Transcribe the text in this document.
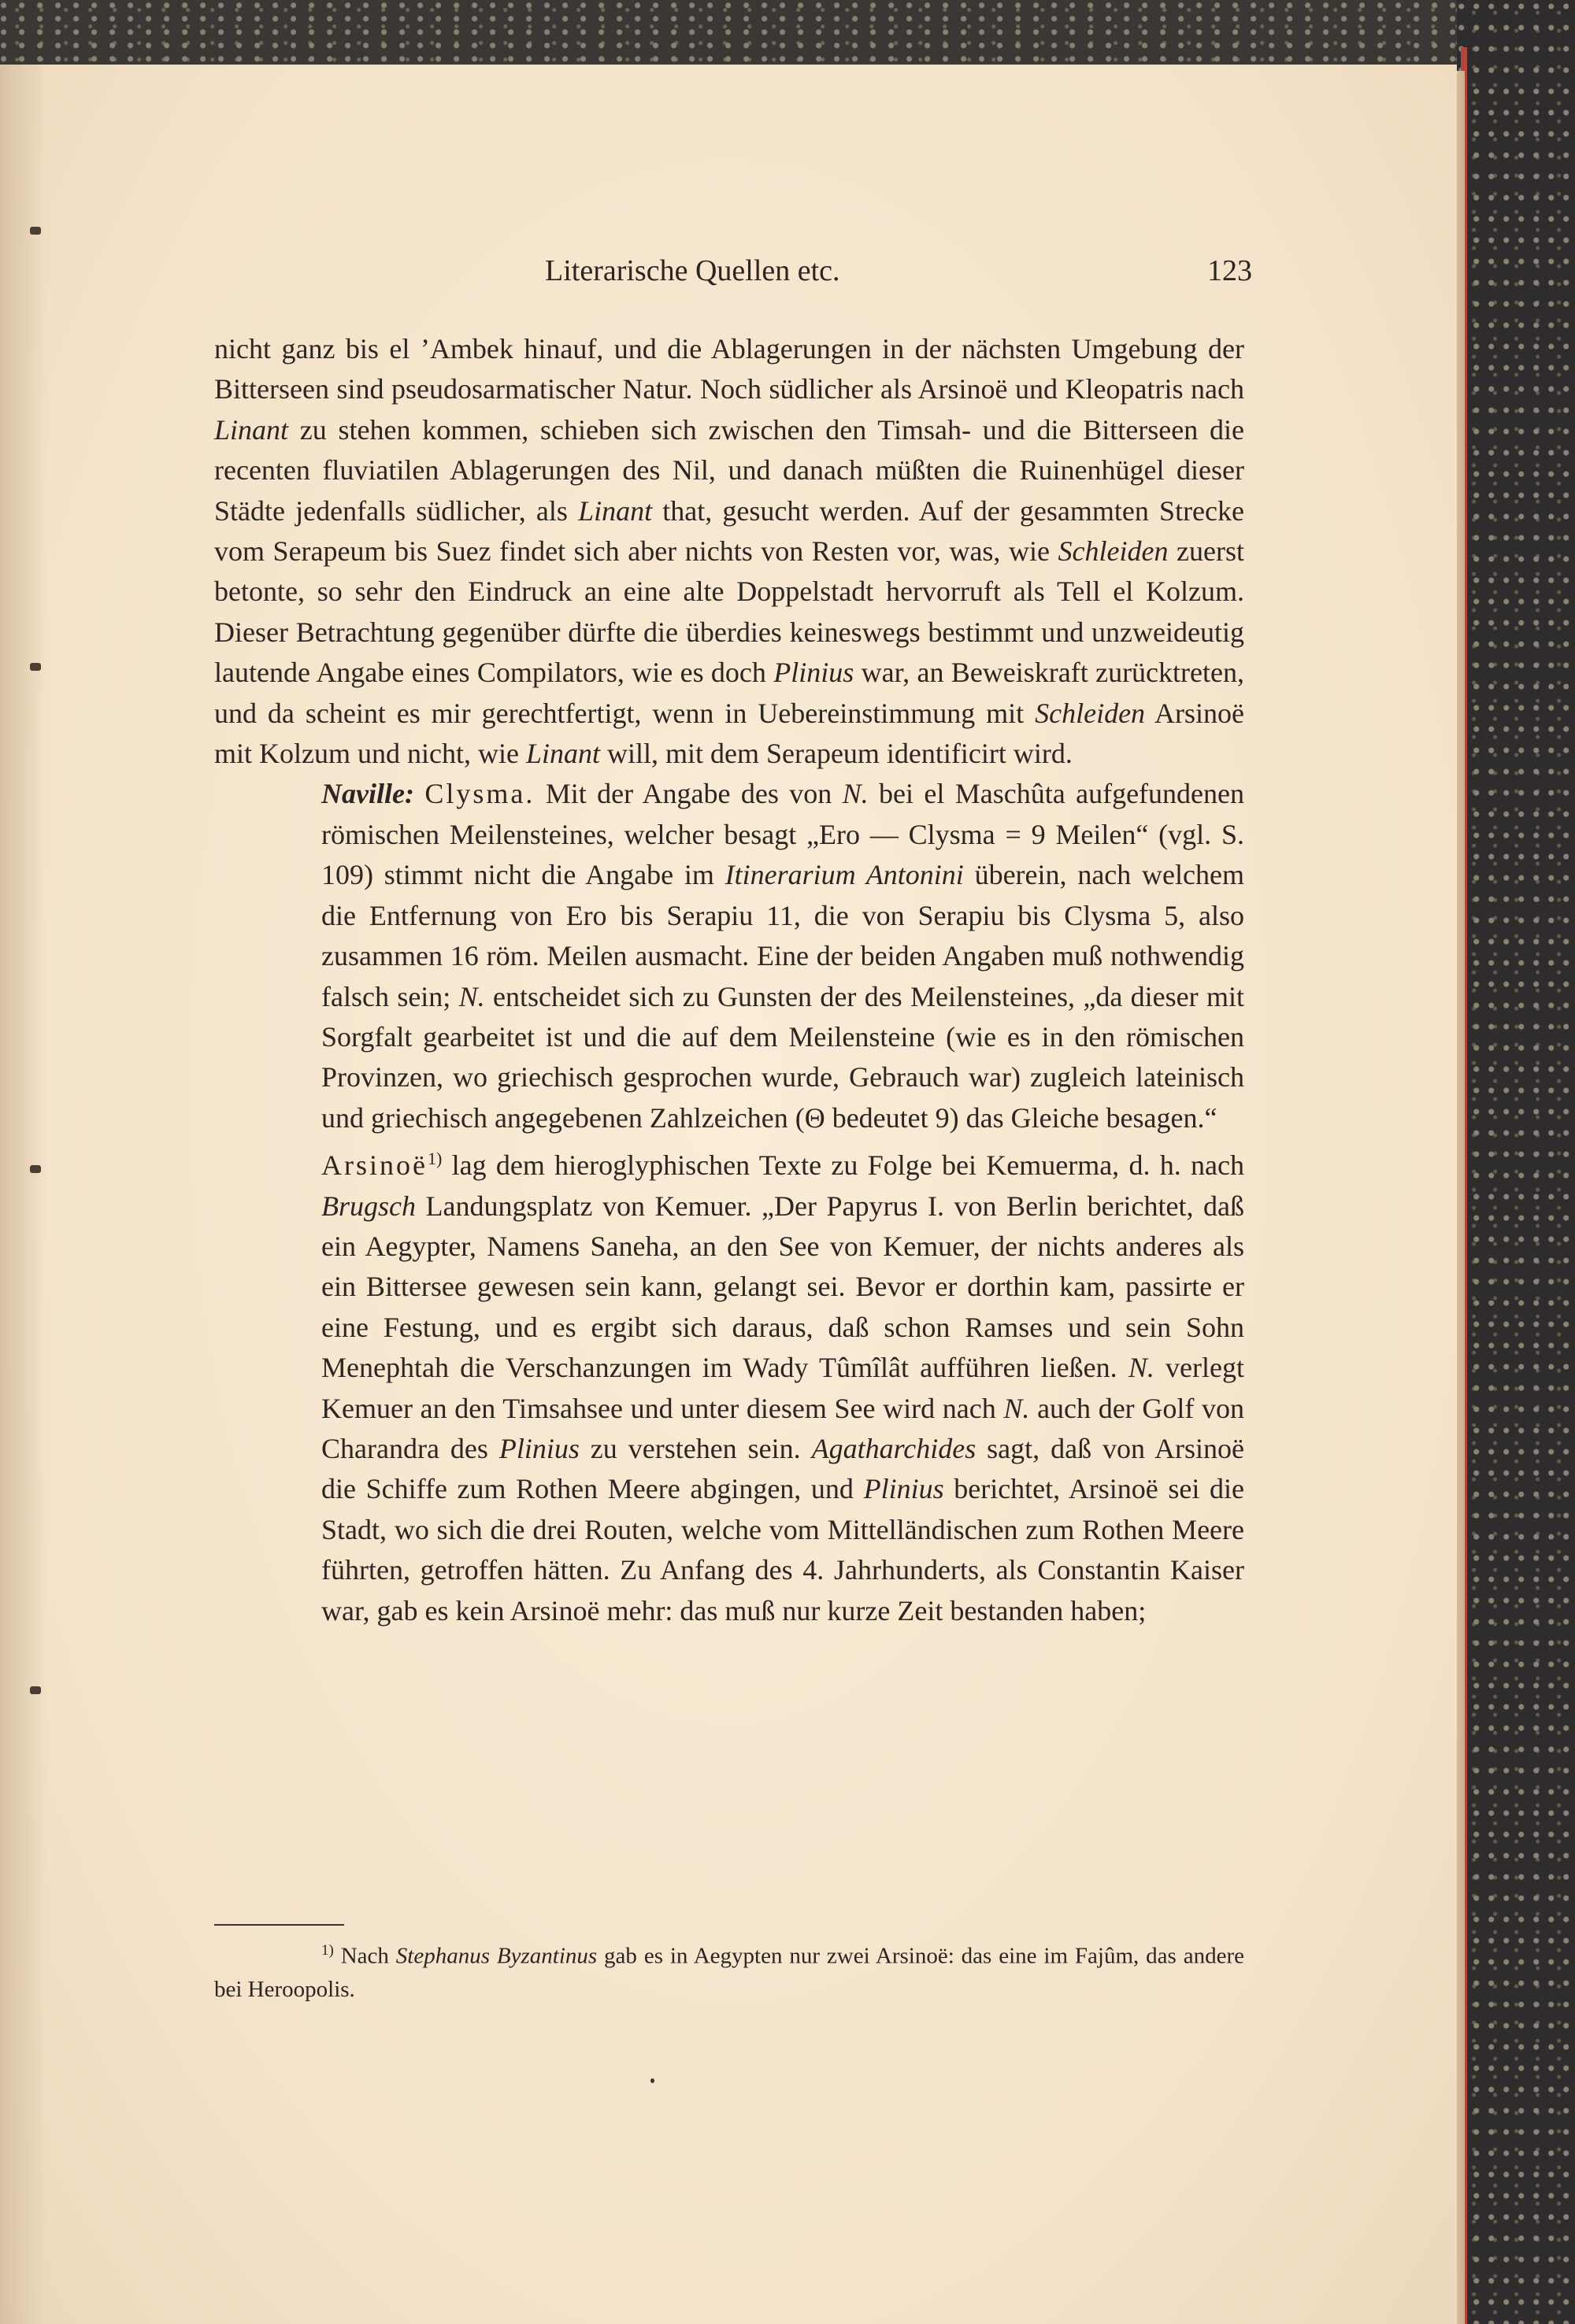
Literarische Quellen etc.	123

nicht ganz bis el ’Ambek hinauf, und die Ablagerungen in der nächsten Umgebung der Bitterseen sind pseudosarmatischer Natur. Noch südlicher als Arsinoë und Kleopatris nach Linant zu stehen kommen, schieben sich zwischen den Timsah- und die Bitterseen die recenten fluviatilen Ablagerungen des Nil, und danach müßten die Ruinenhügel dieser Städte jedenfalls südlicher, als Linant that, gesucht werden. Auf der gesammten Strecke vom Serapeum bis Suez findet sich aber nichts von Resten vor, was, wie Schleiden zuerst betonte, so sehr den Eindruck an eine alte Doppelstadt hervorruft als Tell el Kolzum. Dieser Betrachtung gegenüber dürfte die überdies keineswegs bestimmt und unzweideutig lautende Angabe eines Compilators, wie es doch Plinius war, an Beweiskraft zurücktreten, und da scheint es mir gerechtfertigt, wenn in Uebereinstimmung mit Schleiden Arsinoë mit Kolzum und nicht, wie Linant will, mit dem Serapeum identificirt wird.

Naville: Clysma. Mit der Angabe des von N. bei el Maschûta aufgefundenen römischen Meilensteines, welcher besagt „Ero — Clysma = 9 Meilen“ (vgl. S. 109) stimmt nicht die Angabe im Itinerarium Antonini überein, nach welchem die Entfernung von Ero bis Serapiu 11, die von Serapiu bis Clysma 5, also zusammen 16 röm. Meilen ausmacht. Eine der beiden Angaben muß nothwendig falsch sein; N. entscheidet sich zu Gunsten der des Meilensteines, „da dieser mit Sorgfalt gearbeitet ist und die auf dem Meilensteine (wie es in den römischen Provinzen, wo griechisch gesprochen wurde, Gebrauch war) zugleich lateinisch und griechisch angegebenen Zahlzeichen (Θ bedeutet 9) das Gleiche besagen.“

Arsinoë$^{1)}$ lag dem hieroglyphischen Texte zu Folge bei Kemuerma, d. h. nach Brugsch Landungsplatz von Kemuer. „Der Papyrus I. von Berlin berichtet, daß ein Aegypter, Namens Saneha, an den See von Kemuer, der nichts anderes als ein Bittersee gewesen sein kann, gelangt sei. Bevor er dorthin kam, passirte er eine Festung, und es ergibt sich daraus, daß schon Ramses und sein Sohn Menephtah die Verschanzungen im Wady Tûmîlât aufführen ließen. N. verlegt Kemuer an den Timsahsee und unter diesem See wird nach N. auch der Golf von Charandra des Plinius zu verstehen sein. Agatharchides sagt, daß von Arsinoë die Schiffe zum Rothen Meere abgingen, und Plinius berichtet, Arsinoë sei die Stadt, wo sich die drei Routen, welche vom Mittelländischen zum Rothen Meere führten, getroffen hätten. Zu Anfang des 4. Jahrhunderts, als Constantin Kaiser war, gab es kein Arsinoë mehr: das muß nur kurze Zeit bestanden haben;

$^{1)}$ Nach Stephanus Byzantinus gab es in Aegypten nur zwei Arsinoë: das eine im Fajûm, das andere bei Heroopolis.
